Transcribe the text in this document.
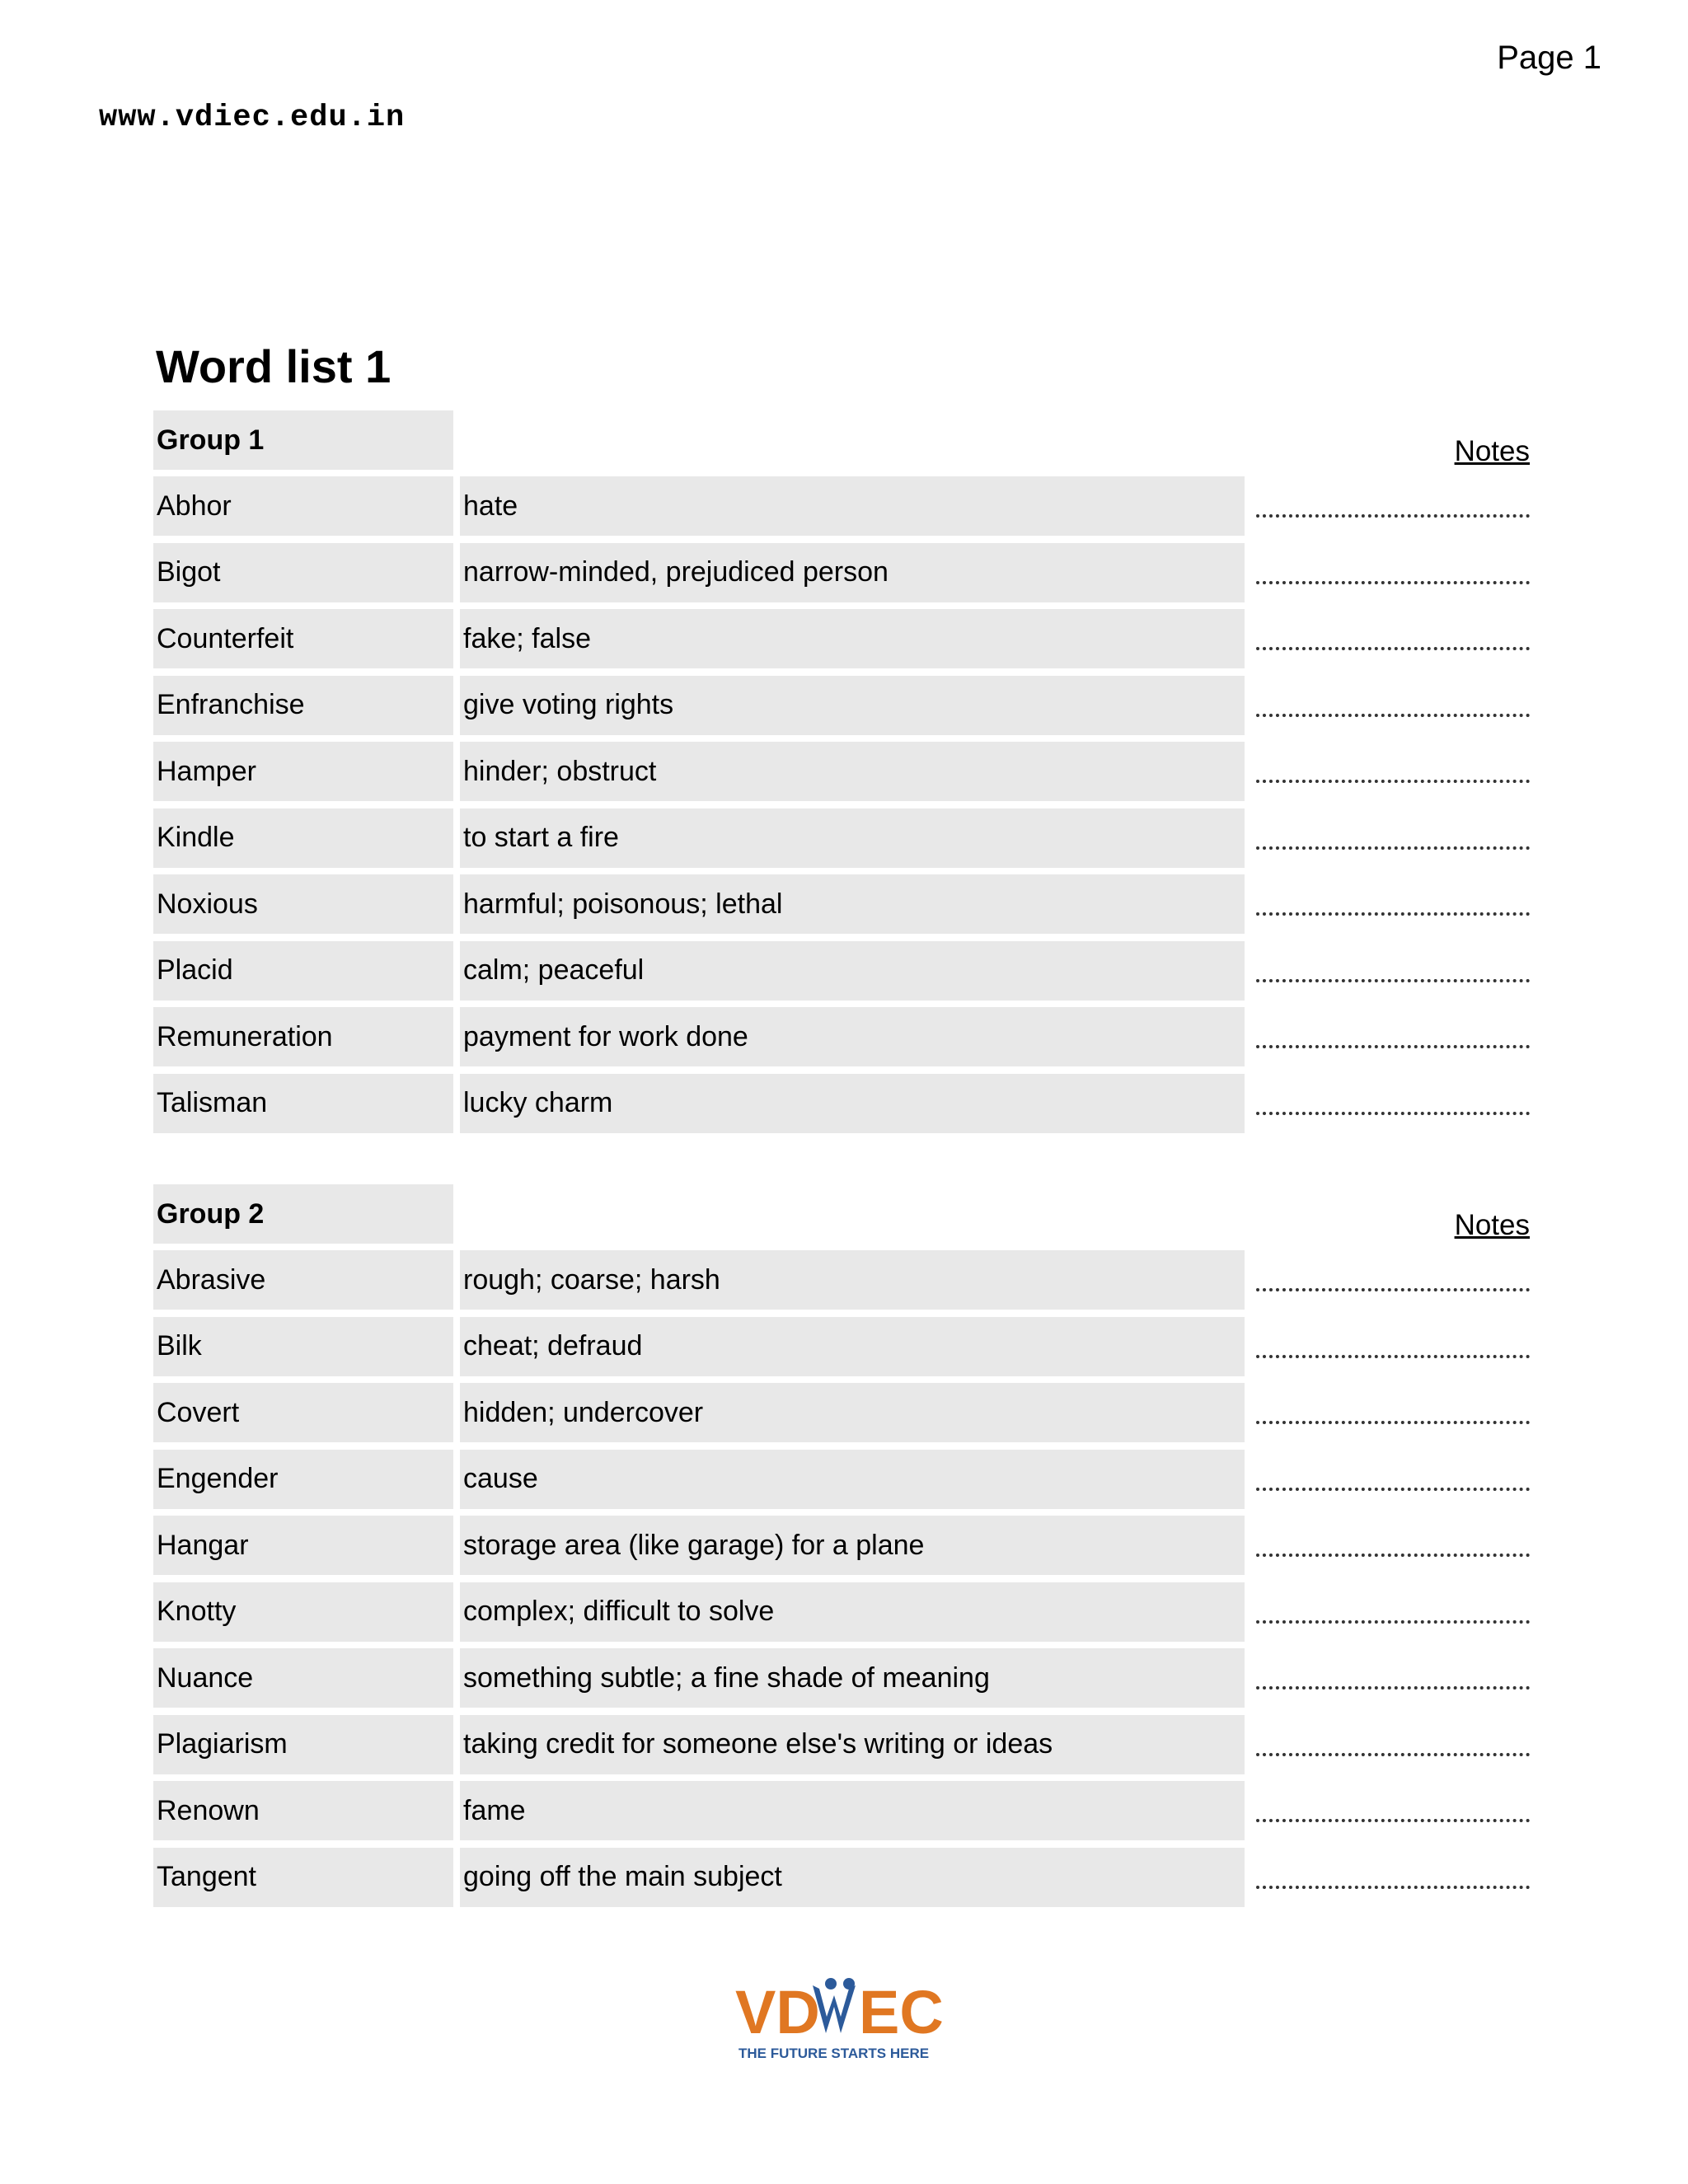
Page 1
www.vdiec.edu.in
Word list 1
Group 1	Notes
Abhor	hate
Bigot	narrow-minded, prejudiced person
Counterfeit	fake; false
Enfranchise	give voting rights
Hamper	hinder; obstruct
Kindle	to start a fire
Noxious	harmful; poisonous; lethal
Placid	calm; peaceful
Remuneration	payment for work done
Talisman	lucky charm
Group 2	Notes
Abrasive	rough; coarse; harsh
Bilk	cheat; defraud
Covert	hidden; undercover
Engender	cause
Hangar	storage area (like garage) for a plane
Knotty	complex; difficult to solve
Nuance	something subtle; a fine shade of meaning
Plagiarism	taking credit for someone else's writing or ideas
Renown	fame
Tangent	going off the main subject
VD EC
THE FUTURE STARTS HERE
